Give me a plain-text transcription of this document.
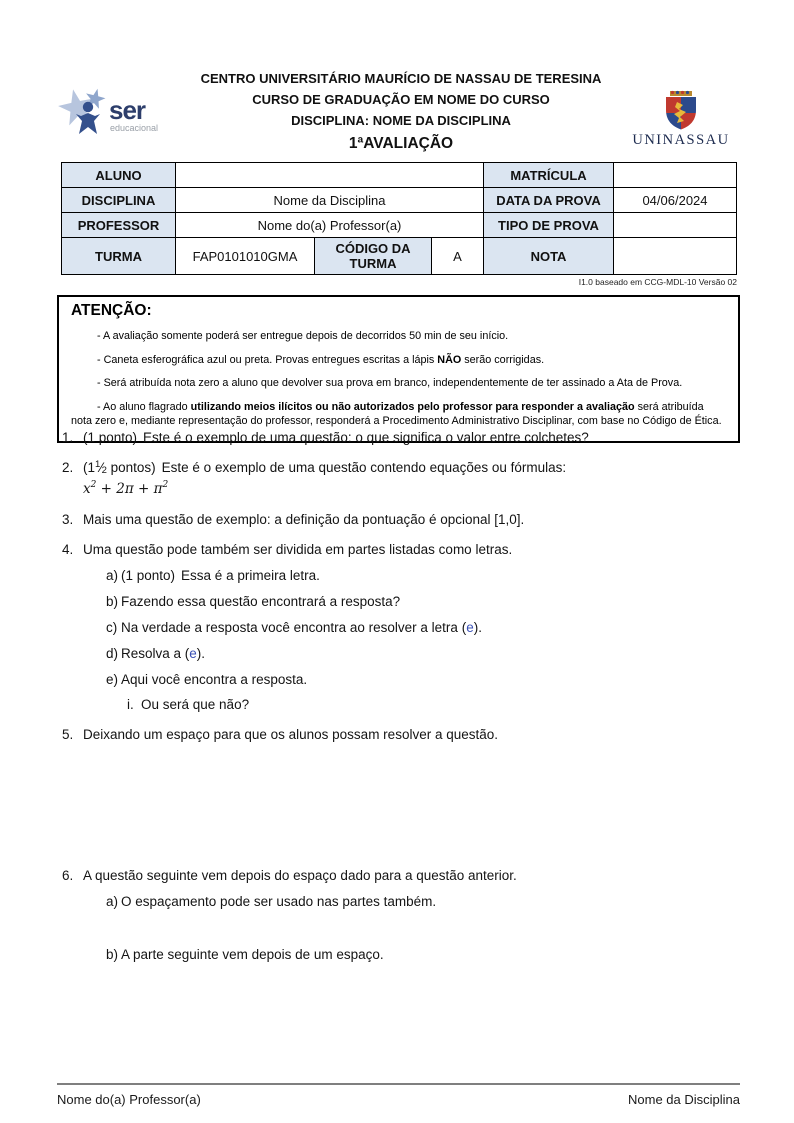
ser
educacional
CENTRO UNIVERSITÁRIO MAURÍCIO DE NASSAU DE TERESINA
CURSO DE GRADUAÇÃO EM NOME DO CURSO
DISCIPLINA: NOME DA DISCIPLINA
1ªAVALIAÇÃO	UNINASSAU
ALUNO				MATRÍCULA	
DISCIPLINA	Nome da Disciplina			DATA DA PROVA	04/06/2024
PROFESSOR	Nome do(a) Professor(a)			TIPO DE PROVA	
TURMA	FAP0101010GMA	CÓDIGO DA TURMA	A	NOTA	
I1.0 baseado em CCG-MDL-10 Versão 02
ATENÇÃO:
- A avaliação somente poderá ser entregue depois de decorridos 50 min de seu início.
- Caneta esferográfica azul ou preta. Provas entregues escritas a lápis NÃO serão corrigidas.
- Será atribuída nota zero a aluno que devolver sua prova em branco, independentemente de ter assinado a Ata de Prova.
- Ao aluno flagrado utilizando meios ilícitos ou não autorizados pelo professor para responder a avaliação será atribuída nota zero e, mediante representação do professor, responderá a Procedimento Administrativo Disciplinar, com base no Código de Ética.
1. (1 ponto) Este é o exemplo de uma questão: o que significa o valor entre colchetes?
2. (1$^1$⁄2 pontos) Este é o exemplo de uma questão contendo equações ou fórmulas:
$x^2 + 2\pi + \pi^2$
3. Mais uma questão de exemplo: a definição da pontuação é opcional [1,0].
4. Uma questão pode também ser dividida em partes listadas como letras.
a) (1 ponto) Essa é a primeira letra.
b) Fazendo essa questão encontrará a resposta?
c) Na verdade a resposta você encontra ao resolver a letra (e).
d) Resolva a (e).
e) Aqui você encontra a resposta.
i. Ou será que não?
5. Deixando um espaço para que os alunos possam resolver a questão.
6. A questão seguinte vem depois do espaço dado para a questão anterior.
a) O espaçamento pode ser usado nas partes também.
b) A parte seguinte vem depois de um espaço.
Nome do(a) Professor(a)	Nome da Disciplina
